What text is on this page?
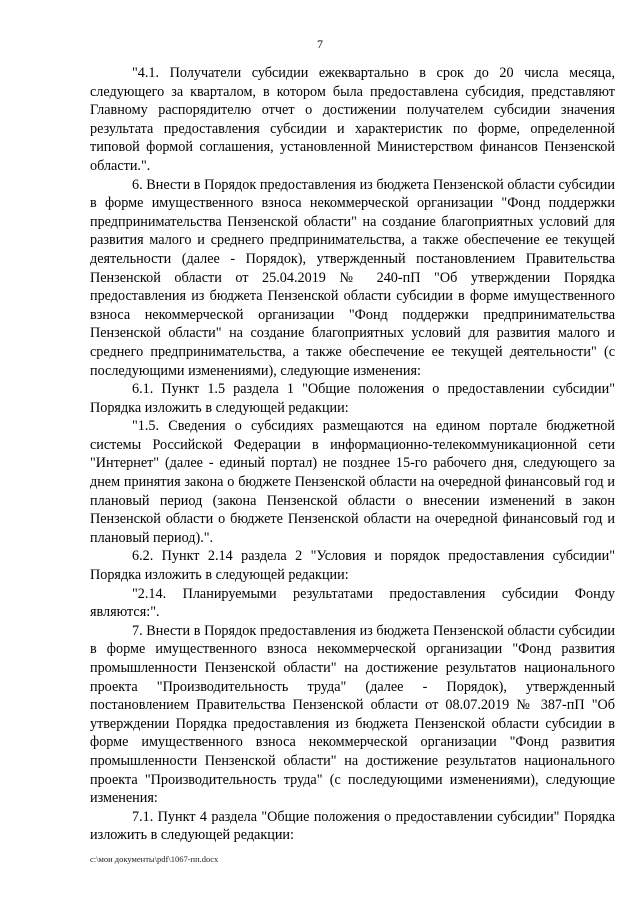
7

"4.1. Получатели субсидии ежеквартально в срок до 20 числа месяца, следующего за кварталом, в котором была предоставлена субсидия, представляют Главному распорядителю отчет о достижении получателем субсидии значения результата предоставления субсидии и характеристик по форме, определенной типовой формой соглашения, установленной Министерством финансов Пензенской области.".

6. Внести в Порядок предоставления из бюджета Пензенской области субсидии в форме имущественного взноса некоммерческой организации "Фонд поддержки предпринимательства Пензенской области" на создание благоприятных условий для развития малого и среднего предпринимательства, а также обеспечение ее текущей деятельности (далее - Порядок), утвержденный постановлением Правительства Пензенской области от 25.04.2019 № 240-пП "Об утверждении Порядка предоставления из бюджета Пензенской области субсидии в форме имущественного взноса некоммерческой организации "Фонд поддержки предпринимательства Пензенской области" на создание благоприятных условий для развития малого и среднего предпринимательства, а также обеспечение ее текущей деятельности" (с последующими изменениями), следующие изменения:

6.1. Пункт 1.5 раздела 1 "Общие положения о предоставлении субсидии" Порядка изложить в следующей редакции:

"1.5. Сведения о субсидиях размещаются на едином портале бюджетной системы Российской Федерации в информационно-телекоммуникационной сети "Интернет" (далее - единый портал) не позднее 15-го рабочего дня, следующего за днем принятия закона о бюджете Пензенской области на очередной финансовый год и плановый период (закона Пензенской области о внесении изменений в закон Пензенской области о бюджете Пензенской области на очередной финансовый год и плановый период).".

6.2. Пункт 2.14 раздела 2 "Условия и порядок предоставления субсидии" Порядка изложить в следующей редакции:

"2.14. Планируемыми результатами предоставления субсидии Фонду являются:".

7. Внести в Порядок предоставления из бюджета Пензенской области субсидии в форме имущественного взноса некоммерческой организации "Фонд развития промышленности Пензенской области" на достижение результатов национального проекта "Производительность труда" (далее - Порядок), утвержденный постановлением Правительства Пензенской области от 08.07.2019 № 387-пП "Об утверждении Порядка предоставления из бюджета Пензенской области субсидии в форме имущественного взноса некоммерческой организации "Фонд развития промышленности Пензенской области" на достижение результатов национального проекта "Производительность труда" (с последующими изменениями), следующие изменения:

7.1. Пункт 4 раздела "Общие положения о предоставлении субсидии" Порядка изложить в следующей редакции:

c:\мои документы\pdf\1067-пп.docx
